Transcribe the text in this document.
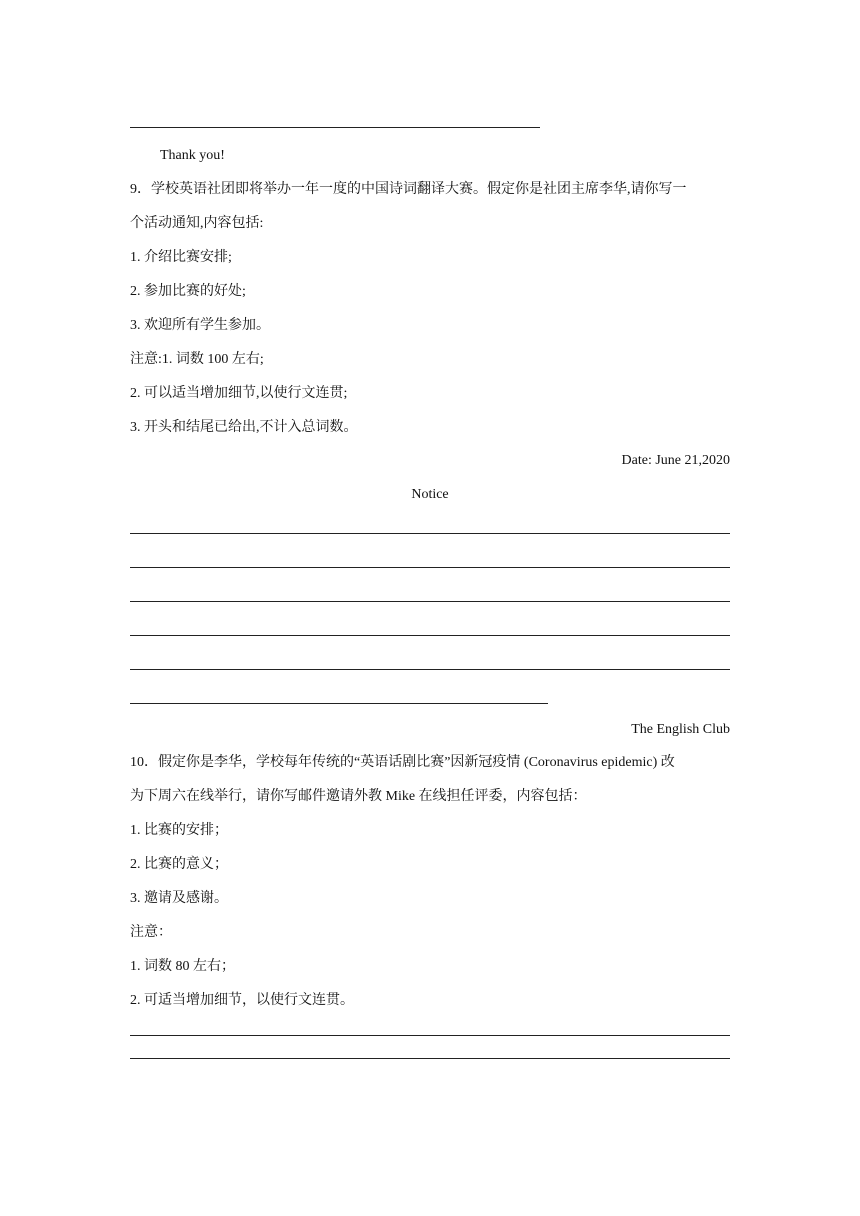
Thank you!
9．学校英语社团即将举办一年一度的中国诗词翻译大赛。假定你是社团主席李华,请你写一
个活动通知,内容包括:
1. 介绍比赛安排;
2. 参加比赛的好处;
3. 欢迎所有学生参加。
注意:1. 词数 100 左右;
2. 可以适当增加细节,以使行文连贯;
3. 开头和结尾已给出,不计入总词数。
Date: June 21,2020
Notice
The English Club
10．假定你是李华，学校每年传统的“英语话剧比赛”因新冠疫情 (Coronavirus epidemic) 改
为下周六在线举行，请你写邮件邀请外教 Mike 在线担任评委，内容包括：
1. 比赛的安排；
2. 比赛的意义；
3. 邀请及感谢。
注意：
1. 词数 80 左右；
2. 可适当增加细节，以使行文连贯。
